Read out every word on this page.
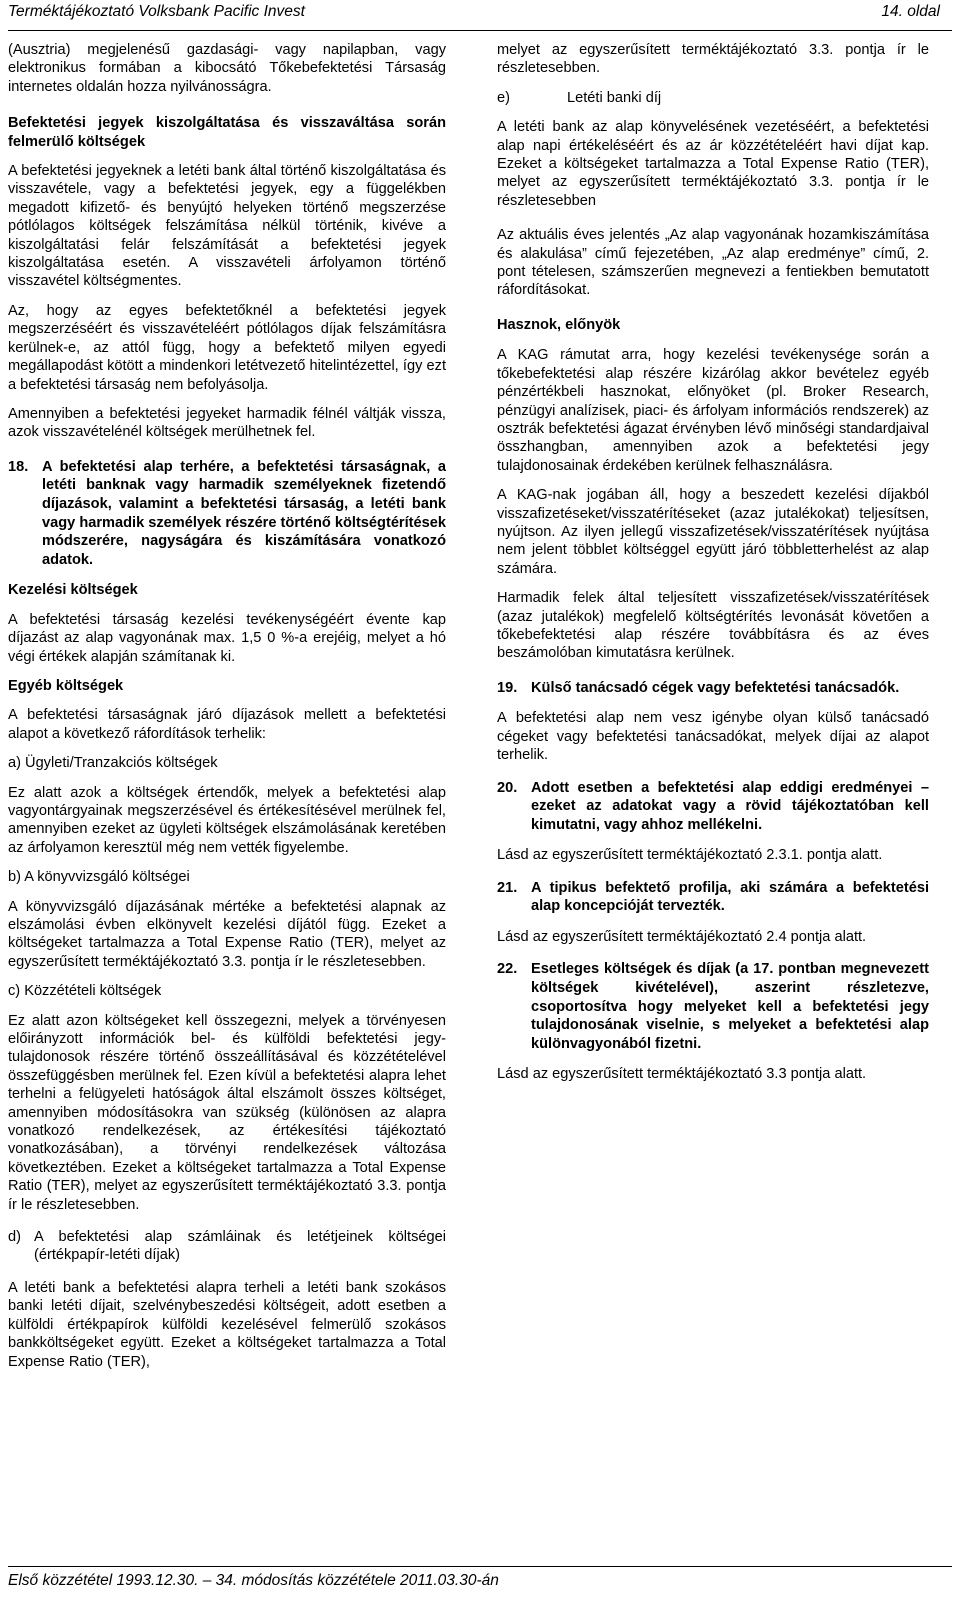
Terméktájékoztató Volksbank Pacific Invest	14. oldal

(Ausztria) megjelenésű gazdasági- vagy napilapban, vagy elektronikus formában a kibocsátó Tőkebefektetési Társaság internetes oldalán hozza nyilvánosságra.

Befektetési jegyek kiszolgáltatása és visszaváltása során felmerülő költségek

A befektetési jegyeknek a letéti bank által történő kiszolgáltatása és visszavétele, vagy a befektetési jegyek, egy a függelékben megadott kifizető- és benyújtó helyeken történő megszerzése pótlólagos költségek felszámítása nélkül történik, kivéve a kiszolgáltatási felár felszámítását a befektetési jegyek kiszolgáltatása esetén. A visszavételi árfolyamon történő visszavétel költségmentes.

Az, hogy az egyes befektetőknél a befektetési jegyek megszerzéséért és visszavételéért pótlólagos díjak felszámításra kerülnek-e, az attól függ, hogy a befektető milyen egyedi megállapodást kötött a mindenkori letétvezető hitelintézettel, így ezt a befektetési társaság nem befolyásolja.

Amennyiben a befektetési jegyeket harmadik félnél váltják vissza, azok visszavételénél költségek merülhetnek fel.

18. A befektetési alap terhére, a befektetési társaságnak, a letéti banknak vagy harmadik személyeknek fizetendő díjazások, valamint a befektetési társaság, a letéti bank vagy harmadik személyek részére történő költségtérítések módszerére, nagyságára és kiszámítására vonatkozó adatok.

Kezelési költségek

A befektetési társaság kezelési tevékenységéért évente kap díjazást az alap vagyonának max. 1,5 0 %-a erejéig, melyet a hó végi értékek alapján számítanak ki.

Egyéb költségek

A befektetési társaságnak járó díjazások mellett a befektetési alapot a következő ráfordítások terhelik:

a) Ügyleti/Tranzakciós költségek

Ez alatt azok a költségek értendők, melyek a befektetési alap vagyontárgyainak megszerzésével és értékesítésével merülnek fel, amennyiben ezeket az ügyleti költségek elszámolásának keretében az árfolyamon keresztül még nem vették figyelembe.

b) A könyvvizsgáló költségei

A könyvvizsgáló díjazásának mértéke a befektetési alapnak az elszámolási évben elkönyvelt kezelési díjától függ. Ezeket a költségeket tartalmazza a Total Expense Ratio (TER), melyet az egyszerűsített terméktájékoztató 3.3. pontja ír le részletesebben.

c) Közzétételi költségek

Ez alatt azon költségeket kell összegezni, melyek a törvényesen előirányzott információk bel- és külföldi befektetési jegy-tulajdonosok részére történő összeállításával és közzétételével összefüggésben merülnek fel. Ezen kívül a befektetési alapra lehet terhelni a felügyeleti hatóságok által elszámolt összes költséget, amennyiben módosításokra van szükség (különösen az alapra vonatkozó rendelkezések, az értékesítési tájékoztató vonatkozásában), a törvényi rendelkezések változása következtében. Ezeket a költségeket tartalmazza a Total Expense Ratio (TER), melyet az egyszerűsített terméktájékoztató 3.3. pontja ír le részletesebben.

d) A befektetési alap számláinak és letétjeinek költségei (értékpapír-letéti díjak)

A letéti bank a befektetési alapra terheli a letéti bank szokásos banki letéti díjait, szelvénybeszedési költségeit, adott esetben a külföldi értékpapírok külföldi kezelésével felmerülő szokásos bankköltségeket együtt. Ezeket a költségeket tartalmazza a Total Expense Ratio (TER),

melyet az egyszerűsített terméktájékoztató 3.3. pontja ír le részletesebben.

e)	Letéti banki díj

A letéti bank az alap könyvelésének vezetéséért, a befektetési alap napi értékeléséért és az ár közzétételéért havi díjat kap. Ezeket a költségeket tartalmazza a Total Expense Ratio (TER), melyet az egyszerűsített terméktájékoztató 3.3. pontja ír le részletesebben

Az aktuális éves jelentés „Az alap vagyonának hozamkiszámítása és alakulása” című fejezetében, „Az alap eredménye” című, 2. pont tételesen, számszerűen megnevezi a fentiekben bemutatott ráfordításokat.

Hasznok, előnyök

A KAG rámutat arra, hogy kezelési tevékenysége során a tőkebefektetési alap részére kizárólag akkor bevételez egyéb pénzértékbeli hasznokat, előnyöket (pl. Broker Research, pénzügyi analízisek, piaci- és árfolyam információs rendszerek) az osztrák befektetési ágazat érvényben lévő minőségi standardjaival összhangban, amennyiben azok a befektetési jegy tulajdonosainak érdekében kerülnek felhasználásra.

A KAG-nak jogában áll, hogy a beszedett kezelési díjakból visszafizetéseket/visszatérítéseket (azaz jutalékokat) teljesítsen, nyújtson. Az ilyen jellegű visszafizetések/visszatérítések nyújtása nem jelent többlet költséggel együtt járó többletterhelést az alap számára.

Harmadik felek által teljesített visszafizetések/visszatérítések (azaz jutalékok) megfelelő költségtérítés levonását követően a tőkebefektetési alap részére továbbításra és az éves beszámolóban kimutatásra kerülnek.

19. Külső tanácsadó cégek vagy befektetési tanácsadók.

A befektetési alap nem vesz igénybe olyan külső tanácsadó cégeket vagy befektetési tanácsadókat, melyek díjai az alapot terhelik.

20. Adott esetben a befektetési alap eddigi eredményei – ezeket az adatokat vagy a rövid tájékoztatóban kell kimutatni, vagy ahhoz mellékelni.

Lásd az egyszerűsített terméktájékoztató 2.3.1. pontja alatt.

21. A tipikus befektető profilja, aki számára a befektetési alap koncepcióját tervezték.

Lásd az egyszerűsített terméktájékoztató 2.4 pontja alatt.

22. Esetleges költségek és díjak (a 17. pontban megnevezett költségek kivételével), aszerint részletezve, csoportosítva hogy melyeket kell a befektetési jegy tulajdonosának viselnie, s melyeket a befektetési alap különvagyonából fizetni.

Lásd az egyszerűsített terméktájékoztató 3.3 pontja alatt.

Első közzététel 1993.12.30. – 34. módosítás közzététele 2011.03.30-án
